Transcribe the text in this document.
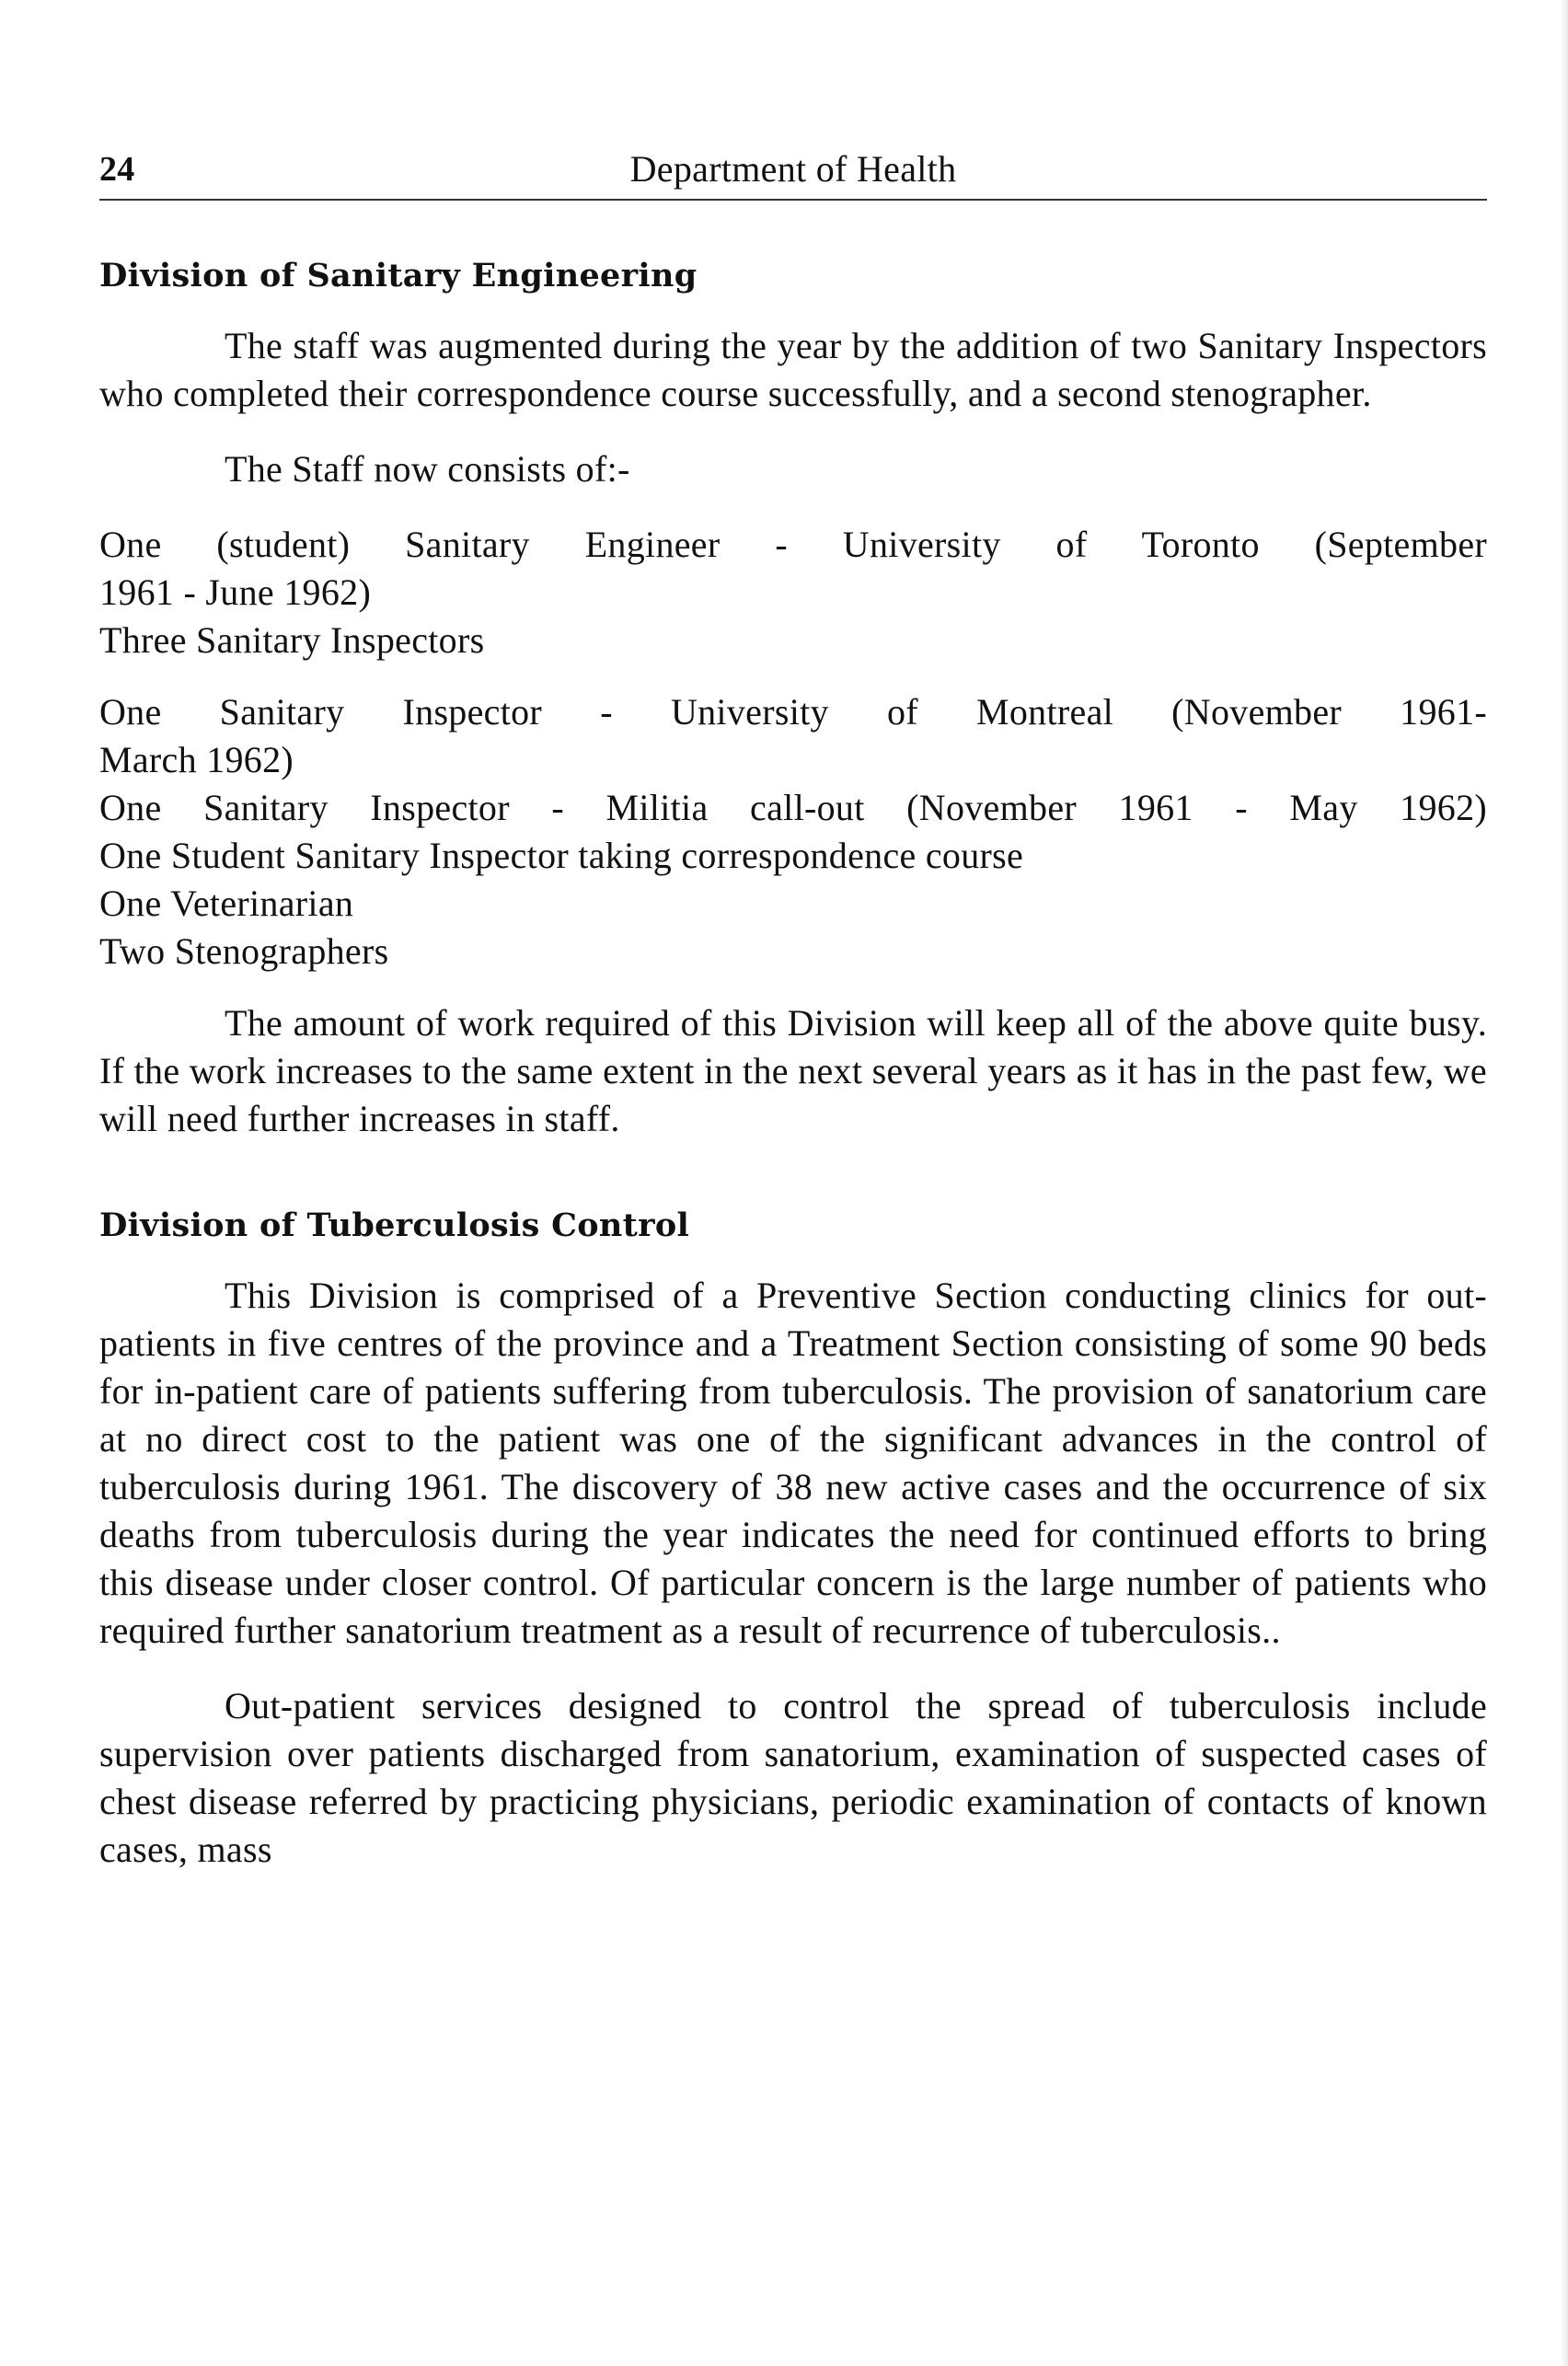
24	Department of Health
Division of Sanitary Engineering

The staff was augmented during the year by the addition of two Sanitary Inspectors who completed their correspondence course successfully, and a second stenographer.

The Staff now consists of:-

One (student) Sanitary Engineer - University of Toronto (September

1961 - June 1962)

Three Sanitary Inspectors

One Sanitary Inspector - University of Montreal (November 1961-

March 1962)

One Sanitary Inspector - Militia call-out (November 1961 - May 1962)

One Student Sanitary Inspector taking correspondence course

One Veterinarian

Two Stenographers

The amount of work required of this Division will keep all of the above quite busy. If the work increases to the same extent in the next several years as it has in the past few, we will need further increases in staff.

Division of Tuberculosis Control

This Division is comprised of a Preventive Section conducting clinics for out-patients in five centres of the province and a Treatment Section consisting of some 90 beds for in-patient care of patients suffering from tuberculosis. The provision of sanatorium care at no direct cost to the patient was one of the significant advances in the control of tuberculosis during 1961. The discovery of 38 new active cases and the occurrence of six deaths from tuberculosis during the year indicates the need for continued efforts to bring this disease under closer control. Of particular concern is the large number of patients who required further sanatorium treatment as a result of recurrence of tuberculosis..

Out-patient services designed to control the spread of tuberculosis include supervision over patients discharged from sanatorium, examination of suspected cases of chest disease referred by practicing physicians, periodic examination of contacts of known cases, mass
